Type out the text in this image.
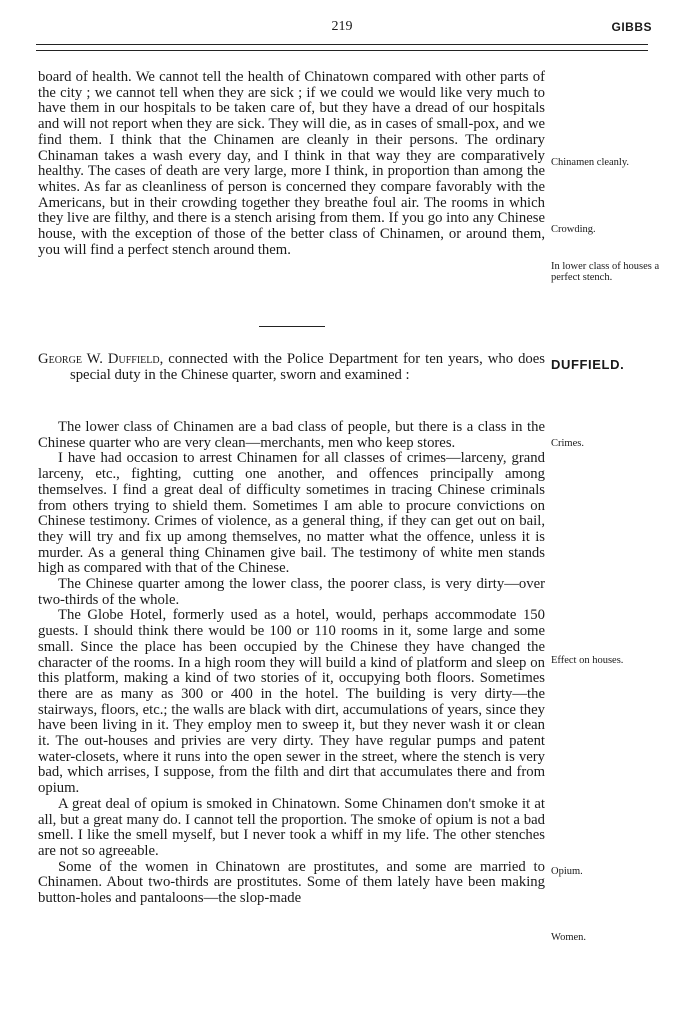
219	GIBBS

board of health. We cannot tell the health of Chinatown compared with other parts of the city ; we cannot tell when they are sick ; if we could we would like very much to have them in our hospitals to be taken care of, but they have a dread of our hospitals and will not report when they are sick. They will die, as in cases of small-pox, and we find them. I think that the Chinamen are cleanly in their persons. The ordinary Chinaman takes a wash every day, and I think in that way they are comparatively healthy. The cases of death are very large, more I think, in proportion than among the whites. As far as cleanliness of person is concerned they compare favorably with the Americans, but in their crowding together they breathe foul air. The rooms in which they live are filthy, and there is a stench arising from them. If you go into any Chinese house, with the exception of those of the better class of Chinamen, or around them, you will find a perfect stench around them.

Chinamen cleanly.
Crowding.
In lower class of houses a perfect stench.

George W. Duffield, connected with the Police Department for ten years, who does special duty in the Chinese quarter, sworn and examined :

DUFFIELD.

The lower class of Chinamen are a bad class of people, but there is a class in the Chinese quarter who are very clean—merchants, men who keep stores.

I have had occasion to arrest Chinamen for all classes of crimes—larceny, grand larceny, etc., fighting, cutting one another, and offences principally among themselves. I find a great deal of difficulty sometimes in tracing Chinese criminals from others trying to shield them. Sometimes I am able to procure convictions on Chinese testimony. Crimes of violence, as a general thing, if they can get out on bail, they will try and fix up among themselves, no matter what the offence, unless it is murder. As a general thing Chinamen give bail. The testimony of white men stands high as compared with that of the Chinese.

The Chinese quarter among the lower class, the poorer class, is very dirty—over two-thirds of the whole.

The Globe Hotel, formerly used as a hotel, would, perhaps accommodate 150 guests. I should think there would be 100 or 110 rooms in it, some large and some small. Since the place has been occupied by the Chinese they have changed the character of the rooms. In a high room they will build a kind of platform and sleep on this platform, making a kind of two stories of it, occupying both floors. Sometimes there are as many as 300 or 400 in the hotel. The building is very dirty—the stairways, floors, etc.; the walls are black with dirt, accumulations of years, since they have been living in it. They employ men to sweep it, but they never wash it or clean it. The out-houses and privies are very dirty. They have regular pumps and patent water-closets, where it runs into the open sewer in the street, where the stench is very bad, which arrises, I suppose, from the filth and dirt that accumulates there and from opium.

A great deal of opium is smoked in Chinatown. Some Chinamen don't smoke it at all, but a great many do. I cannot tell the proportion. The smoke of opium is not a bad smell. I like the smell myself, but I never took a whiff in my life. The other stenches are not so agreeable.

Some of the women in Chinatown are prostitutes, and some are married to Chinamen. About two-thirds are prostitutes. Some of them lately have been making button-holes and pantaloons—the slop-made

Crimes.
Effect on houses.
Opium.
Women.
